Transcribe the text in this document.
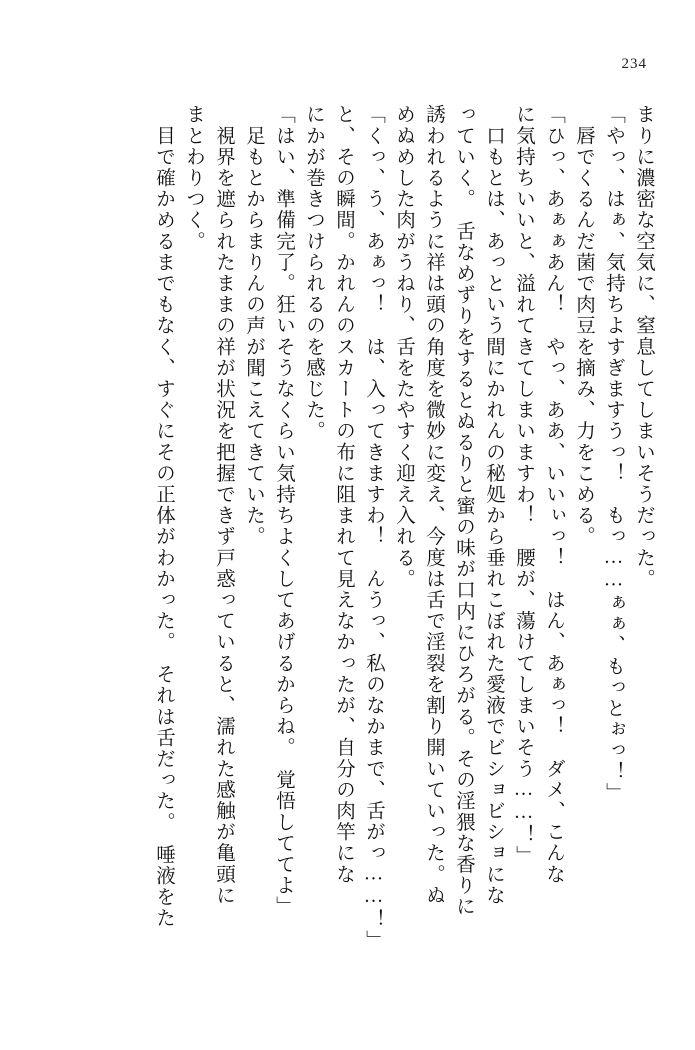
234
まりに濃密な空気に、窒息してしまいそうだった。
「やっ、はぁ、気持ちよすぎますうっ！　もっ……ぁぁ、もっとぉっ！」
　唇でくるんだ菌で肉豆を摘み、力をこめる。
「ひっ、あぁぁあん！　やっ、ああ、いいぃっ！　はん、あぁっ！　ダメ、こんな
に気持ちいいと、溢れてきてしまいますわ！　腰が、蕩けてしまいそう……！」
　口もとは、あっという間にかれんの秘処から垂れこぼれた愛液でビショビショにな
っていく。　舌なめずりをするとぬるりと蜜の味が口内にひろがる。その淫猥な香りに
誘われるように祥は頭の角度を微妙に変え、今度は舌で淫裂を割り開いていった。ぬ
めぬめした肉がうねり、舌をたやすく迎え入れる。
「くっ、う、あぁっ！　は、入ってきますわ！　んうっ、私のなかまで、舌がっ……！」
と、その瞬間。かれんのスカートの布に阻まれて見えなかったが、自分の肉竿にな
にかが巻きつけられるのを感じた。
「はい、準備完了。狂いそうなくらい気持ちよくしてあげるからね。　覚悟しててよ」
　足もとからまりんの声が聞こえてきていた。
　視界を遮られたままの祥が状況を把握できず戸惑っていると、濡れた感触が亀頭に
まとわりつく。
　目で確かめるまでもなく、すぐにその正体がわかった。　それは舌だった。　唾液をた
